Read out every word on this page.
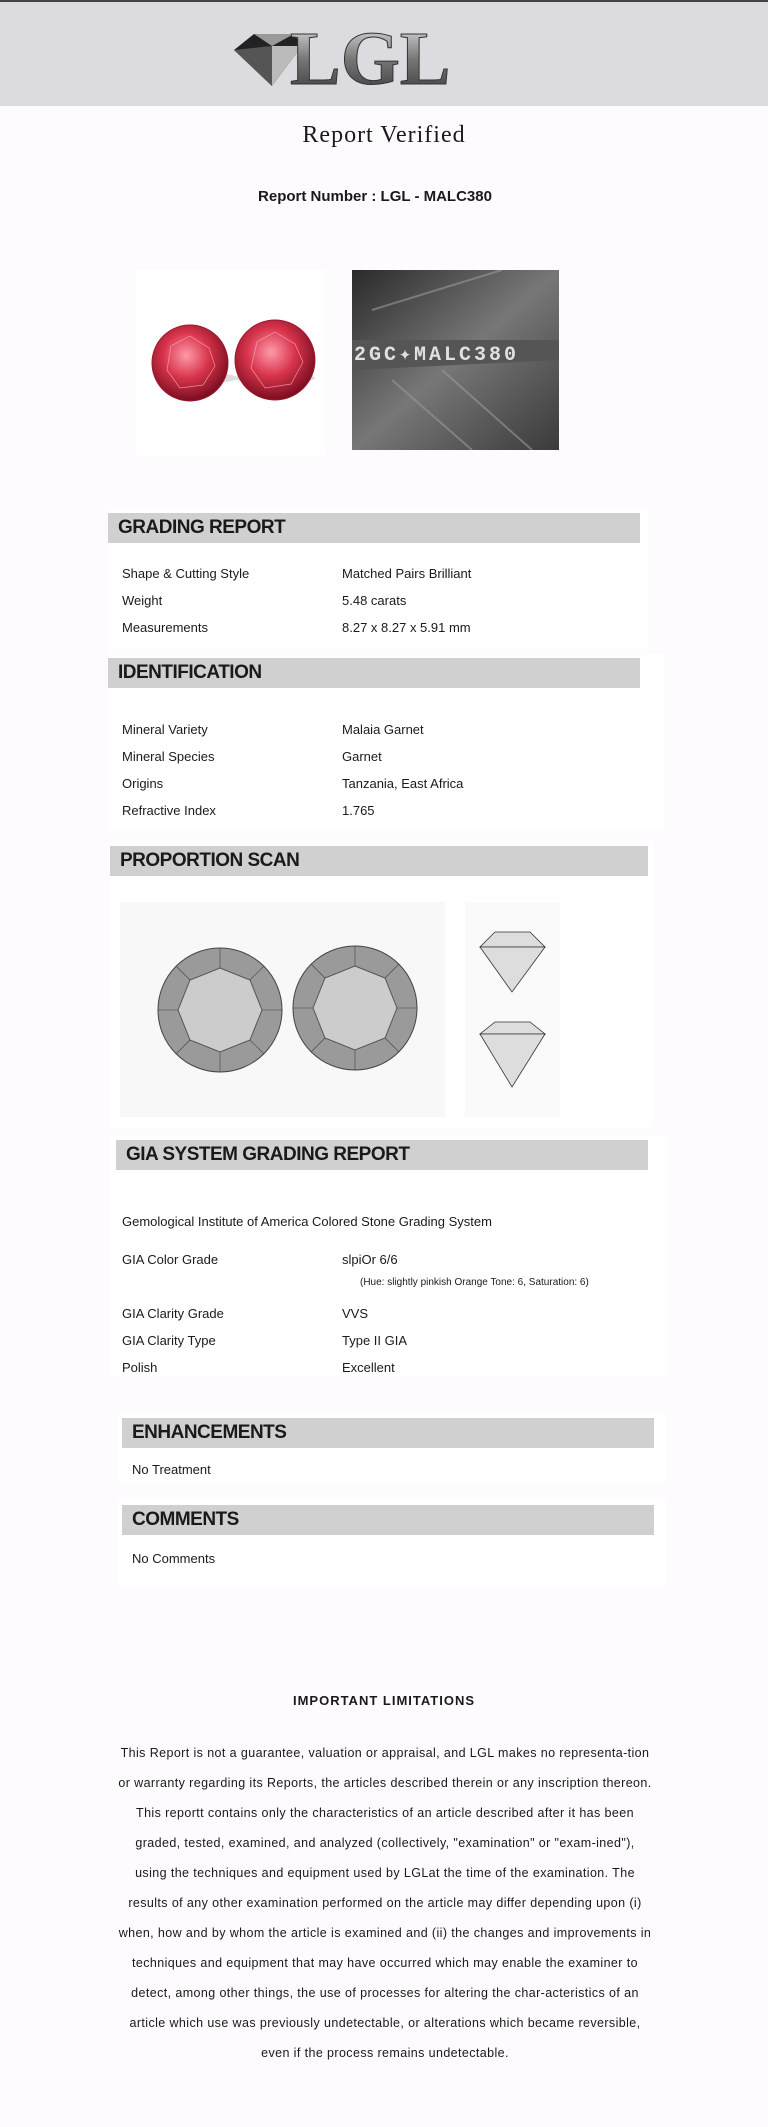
LGL
Report Verified
Report Number : LGL - MALC380
2GC✦MALC380
GRADING REPORT
Shape & Cutting Style	Matched Pairs Brilliant
Weight	5.48 carats
Measurements	8.27 x 8.27 x 5.91 mm
IDENTIFICATION
Mineral Variety	Malaia Garnet
Mineral Species	Garnet
Origins	Tanzania, East Africa
Refractive Index	1.765
PROPORTION SCAN
GIA SYSTEM GRADING REPORT
Gemological Institute of America Colored Stone Grading System
GIA Color Grade	slpiOr 6/6
(Hue: slightly pinkish Orange Tone: 6, Saturation: 6)
GIA Clarity Grade	VVS
GIA Clarity Type	Type II GIA
Polish	Excellent
ENHANCEMENTS
No Treatment
COMMENTS
No Comments
IMPORTANT LIMITATIONS
This Report is not a guarantee, valuation or appraisal, and LGL makes no representa-tion or warranty regarding its Reports, the articles described therein or any inscription thereon. This reportt contains only the characteristics of an article described after it has been graded, tested, examined, and analyzed (collectively, "examination" or "exam-ined"), using the techniques and equipment used by LGLat the time of the examination. The results of any other examination performed on the article may differ depending upon (i) when, how and by whom the article is examined and (ii) the changes and improvements in techniques and equipment that may have occurred which may enable the examiner to detect, among other things, the use of processes for altering the char-acteristics of an article which use was previously undetectable, or alterations which became reversible, even if the process remains undetectable.
